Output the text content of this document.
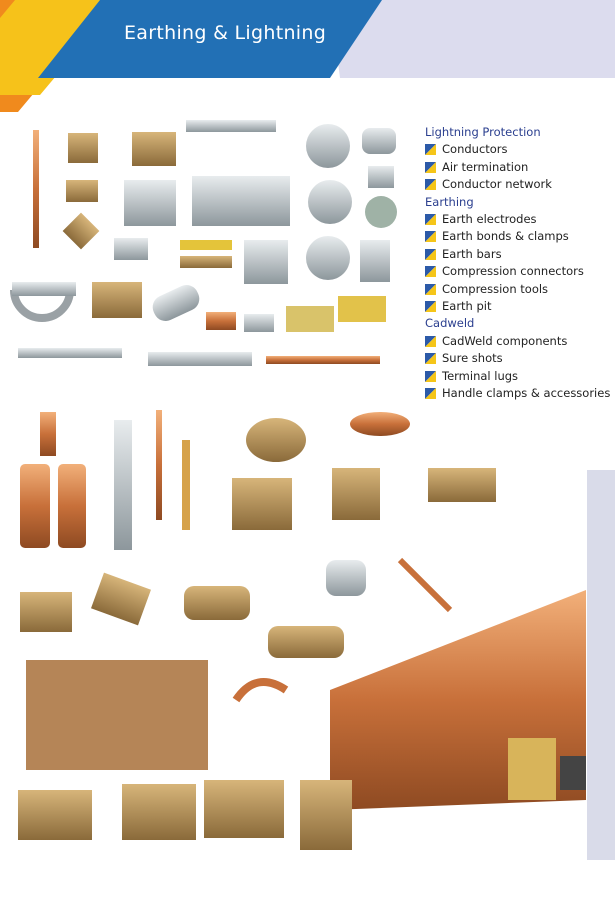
Earthing & Lightning
Lightning Protection
Conductors
Air termination
Conductor network
Earthing
Earth electrodes
Earth bonds & clamps
Earth bars
Compression connectors
Compression tools
Earth pit
Cadweld
CadWeld components
Sure shots
Terminal lugs
Handle clamps & accessories
